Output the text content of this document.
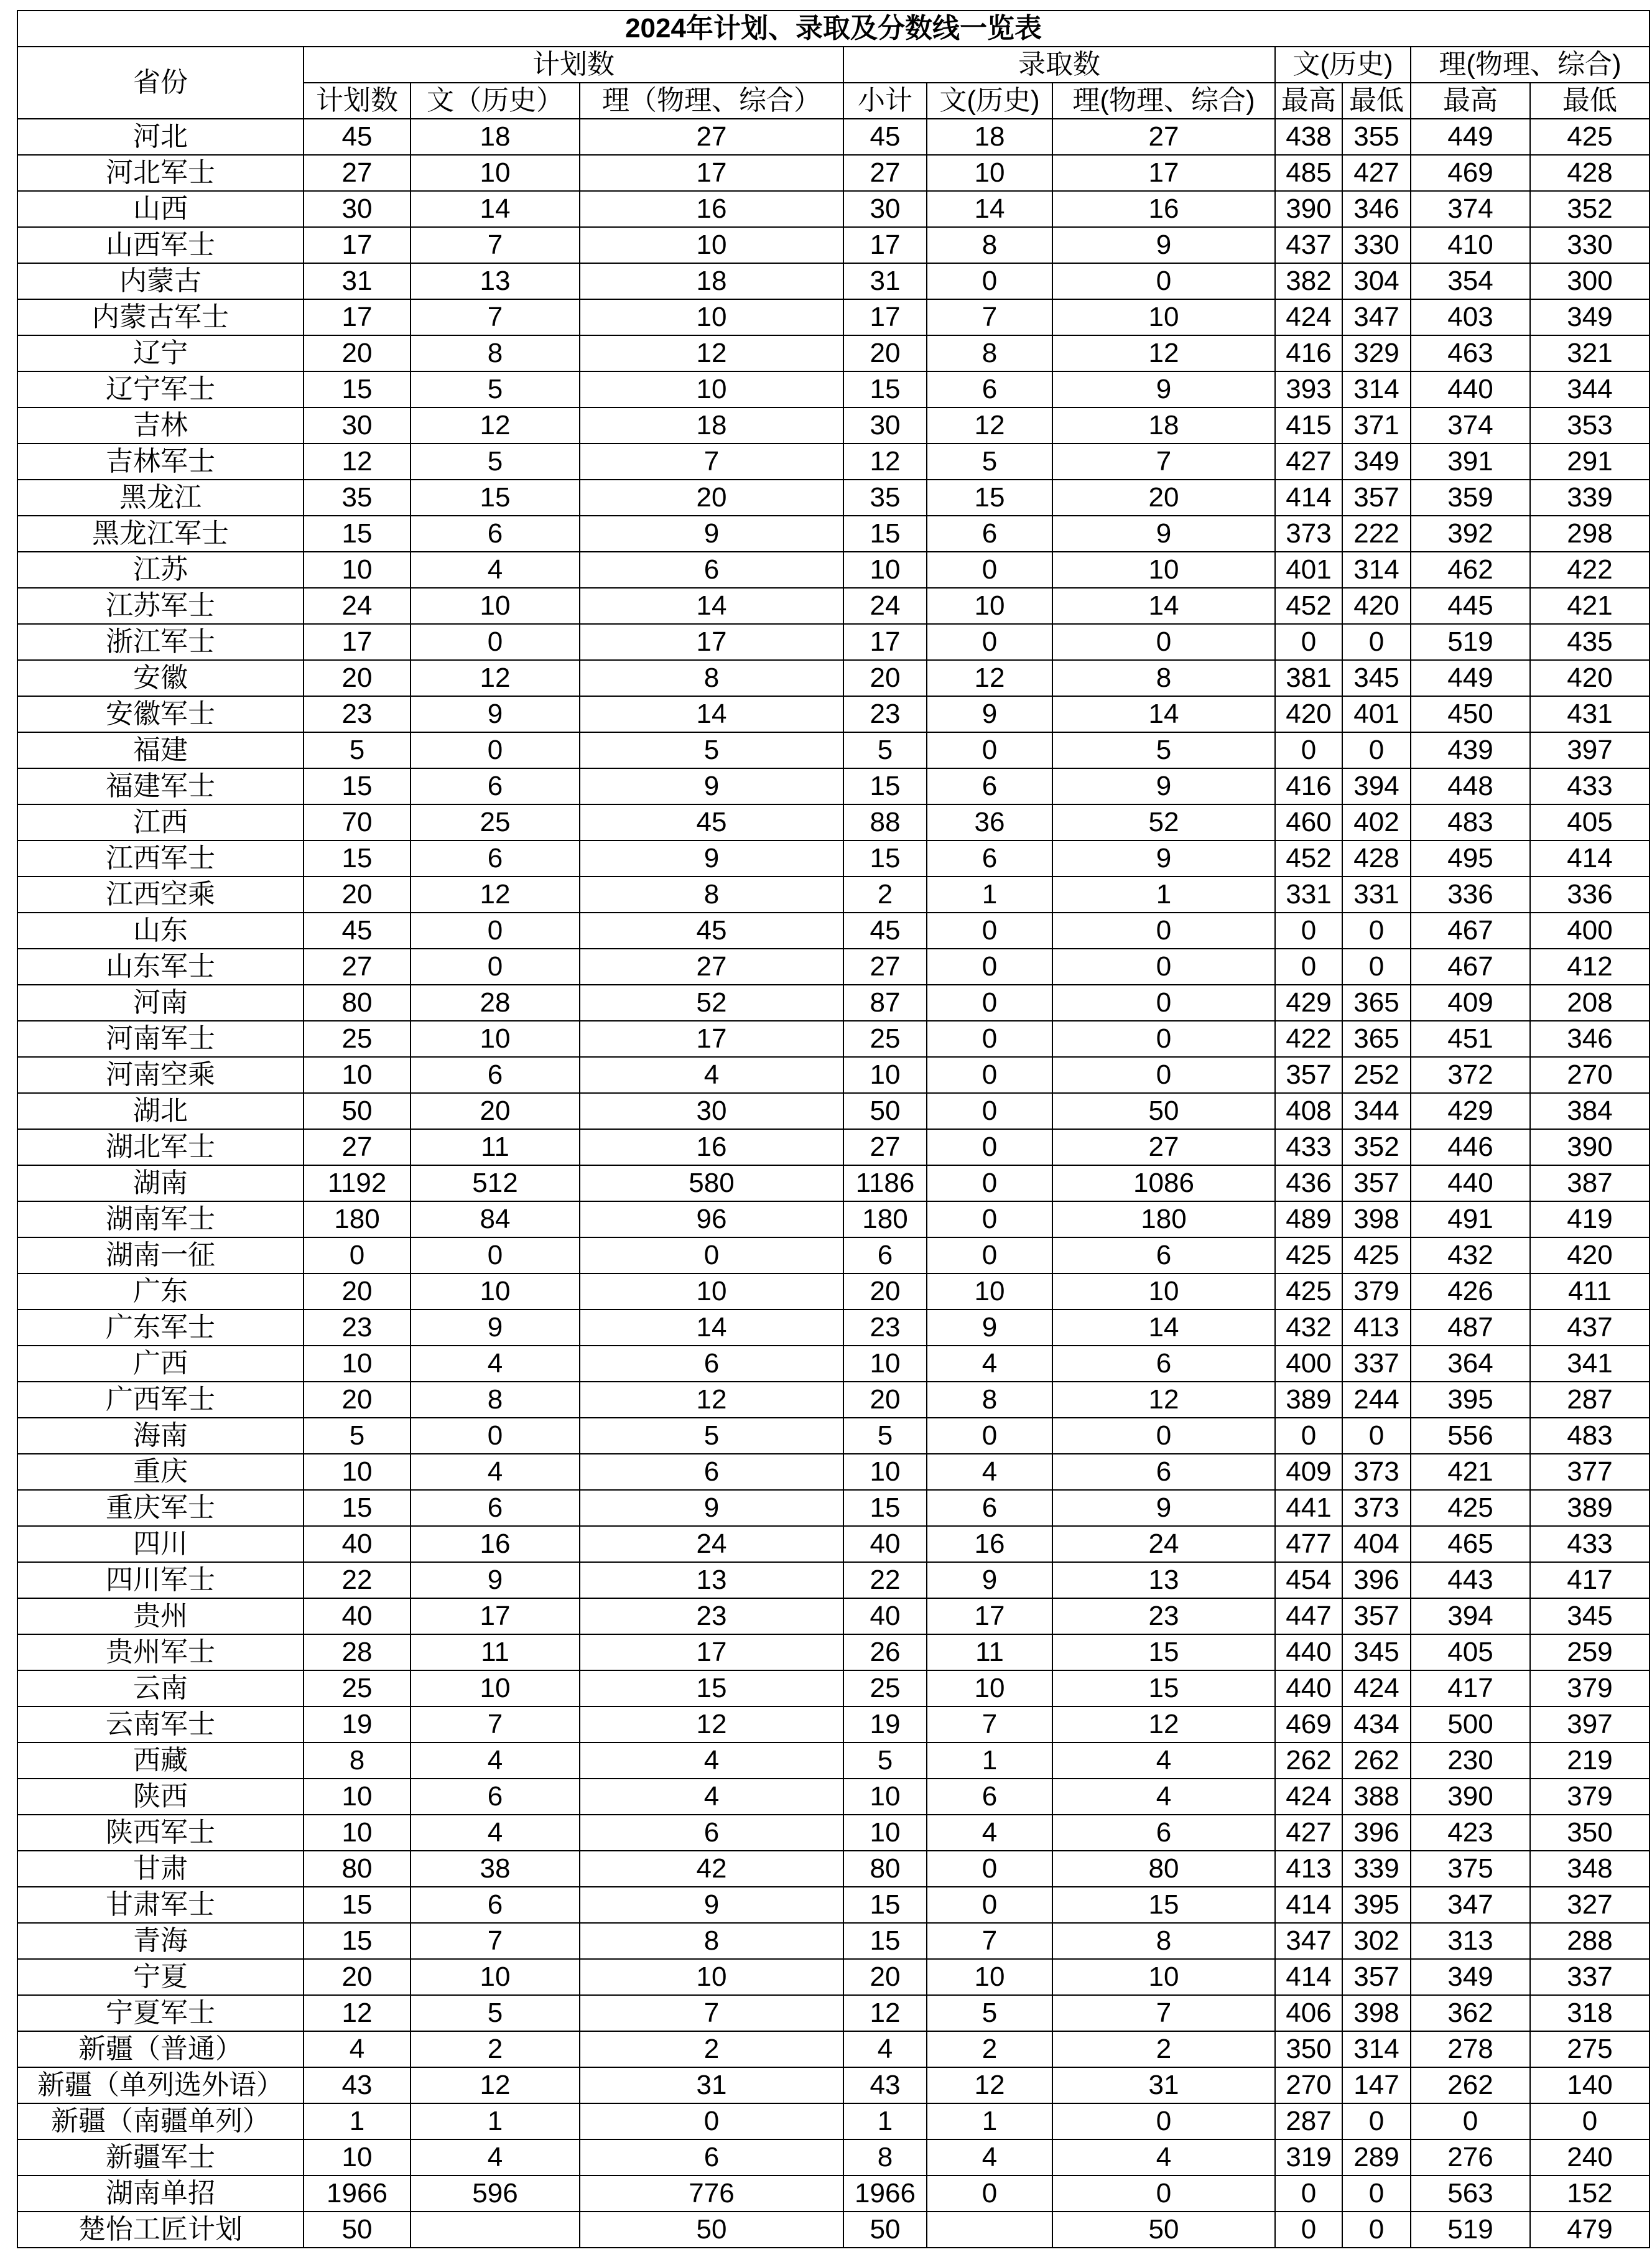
2024年计划、录取及分数线一览表										
省份	计划数			录取数			文(历史)		理(物理、综合)	
	计划数	文（历史）	理（物理、综合）	小计	文(历史)	理(物理、综合)	最高	最低	最高	最低
河北	45	18	27	45	18	27	438	355	449	425
河北军士	27	10	17	27	10	17	485	427	469	428
山西	30	14	16	30	14	16	390	346	374	352
山西军士	17	7	10	17	8	9	437	330	410	330
内蒙古	31	13	18	31	0	0	382	304	354	300
内蒙古军士	17	7	10	17	7	10	424	347	403	349
辽宁	20	8	12	20	8	12	416	329	463	321
辽宁军士	15	5	10	15	6	9	393	314	440	344
吉林	30	12	18	30	12	18	415	371	374	353
吉林军士	12	5	7	12	5	7	427	349	391	291
黑龙江	35	15	20	35	15	20	414	357	359	339
黑龙江军士	15	6	9	15	6	9	373	222	392	298
江苏	10	4	6	10	0	10	401	314	462	422
江苏军士	24	10	14	24	10	14	452	420	445	421
浙江军士	17	0	17	17	0	0	0	0	519	435
安徽	20	12	8	20	12	8	381	345	449	420
安徽军士	23	9	14	23	9	14	420	401	450	431
福建	5	0	5	5	0	5	0	0	439	397
福建军士	15	6	9	15	6	9	416	394	448	433
江西	70	25	45	88	36	52	460	402	483	405
江西军士	15	6	9	15	6	9	452	428	495	414
江西空乘	20	12	8	2	1	1	331	331	336	336
山东	45	0	45	45	0	0	0	0	467	400
山东军士	27	0	27	27	0	0	0	0	467	412
河南	80	28	52	87	0	0	429	365	409	208
河南军士	25	10	17	25	0	0	422	365	451	346
河南空乘	10	6	4	10	0	0	357	252	372	270
湖北	50	20	30	50	0	50	408	344	429	384
湖北军士	27	11	16	27	0	27	433	352	446	390
湖南	1192	512	580	1186	0	1086	436	357	440	387
湖南军士	180	84	96	180	0	180	489	398	491	419
湖南一征	0	0	0	6	0	6	425	425	432	420
广东	20	10	10	20	10	10	425	379	426	411
广东军士	23	9	14	23	9	14	432	413	487	437
广西	10	4	6	10	4	6	400	337	364	341
广西军士	20	8	12	20	8	12	389	244	395	287
海南	5	0	5	5	0	0	0	0	556	483
重庆	10	4	6	10	4	6	409	373	421	377
重庆军士	15	6	9	15	6	9	441	373	425	389
四川	40	16	24	40	16	24	477	404	465	433
四川军士	22	9	13	22	9	13	454	396	443	417
贵州	40	17	23	40	17	23	447	357	394	345
贵州军士	28	11	17	26	11	15	440	345	405	259
云南	25	10	15	25	10	15	440	424	417	379
云南军士	19	7	12	19	7	12	469	434	500	397
西藏	8	4	4	5	1	4	262	262	230	219
陕西	10	6	4	10	6	4	424	388	390	379
陕西军士	10	4	6	10	4	6	427	396	423	350
甘肃	80	38	42	80	0	80	413	339	375	348
甘肃军士	15	6	9	15	0	15	414	395	347	327
青海	15	7	8	15	7	8	347	302	313	288
宁夏	20	10	10	20	10	10	414	357	349	337
宁夏军士	12	5	7	12	5	7	406	398	362	318
新疆（普通）	4	2	2	4	2	2	350	314	278	275
新疆（单列选外语）	43	12	31	43	12	31	270	147	262	140
新疆（南疆单列）	1	1	0	1	1	0	287	0	0	0
新疆军士	10	4	6	8	4	4	319	289	276	240
湖南单招	1966	596	776	1966	0	0	0	0	563	152
楚怡工匠计划	50		50	50		50	0	0	519	479
